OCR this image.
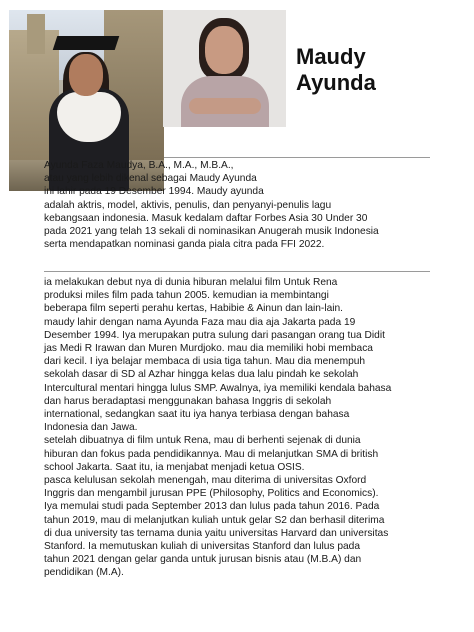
Maudy
Ayunda
Ayunda Faza Maudya, B.A., M.A., M.B.A.,
atau yang lebih dikenal sebagai Maudy Ayunda
ini lahir pada 19 Desember 1994. Maudy ayunda
adalah aktris, model, aktivis, penulis, dan penyanyi-penulis lagu
kebangsaan indonesia. Masuk kedalam daftar Forbes Asia 30 Under 30
pada 2021 yang telah 13 sekali di nominasikan Anugerah musik Indonesia
serta mendapatkan nominasi ganda piala citra pada FFI 2022.
ia melakukan debut nya di dunia hiburan melalui film Untuk Rena
produksi miles film pada tahun 2005. kemudian ia membintangi
beberapa film seperti perahu kertas, Habibie & Ainun dan lain-lain.
maudy lahir dengan nama Ayunda Faza mau dia aja Jakarta pada 19
Desember 1994. Iya merupakan putra sulung dari pasangan orang tua Didit
jas Medi R Irawan dan Muren Murdjoko. mau dia memiliki hobi membaca
dari kecil. I iya belajar membaca di usia tiga tahun. Mau dia menempuh
sekolah dasar di SD al Azhar hingga kelas dua lalu pindah ke sekolah
Intercultural mentari hingga lulus SMP. Awalnya, iya memiliki kendala bahasa
dan harus beradaptasi menggunakan bahasa Inggris di sekolah
international, sedangkan saat itu iya hanya terbiasa dengan bahasa
Indonesia dan Jawa.
setelah dibuatnya di film untuk Rena, mau di berhenti sejenak di dunia
hiburan dan fokus pada pendidikannya. Mau di melanjutkan SMA di british
school Jakarta. Saat itu, ia menjabat menjadi ketua OSIS.
pasca kelulusan sekolah menengah, mau diterima di universitas Oxford
Inggris dan mengambil jurusan PPE (Philosophy, Politics and Economics).
Iya memulai studi pada September 2013 dan lulus pada tahun 2016. Pada
tahun 2019, mau di melanjutkan kuliah untuk gelar S2 dan berhasil diterima
di dua university tas ternama dunia yaitu universitas Harvard dan universitas
Stanford. Ia memutuskan kuliah di universitas Stanford dan lulus pada
tahun 2021 dengan gelar ganda untuk jurusan bisnis atau (M.B.A) dan
pendidikan (M.A).
